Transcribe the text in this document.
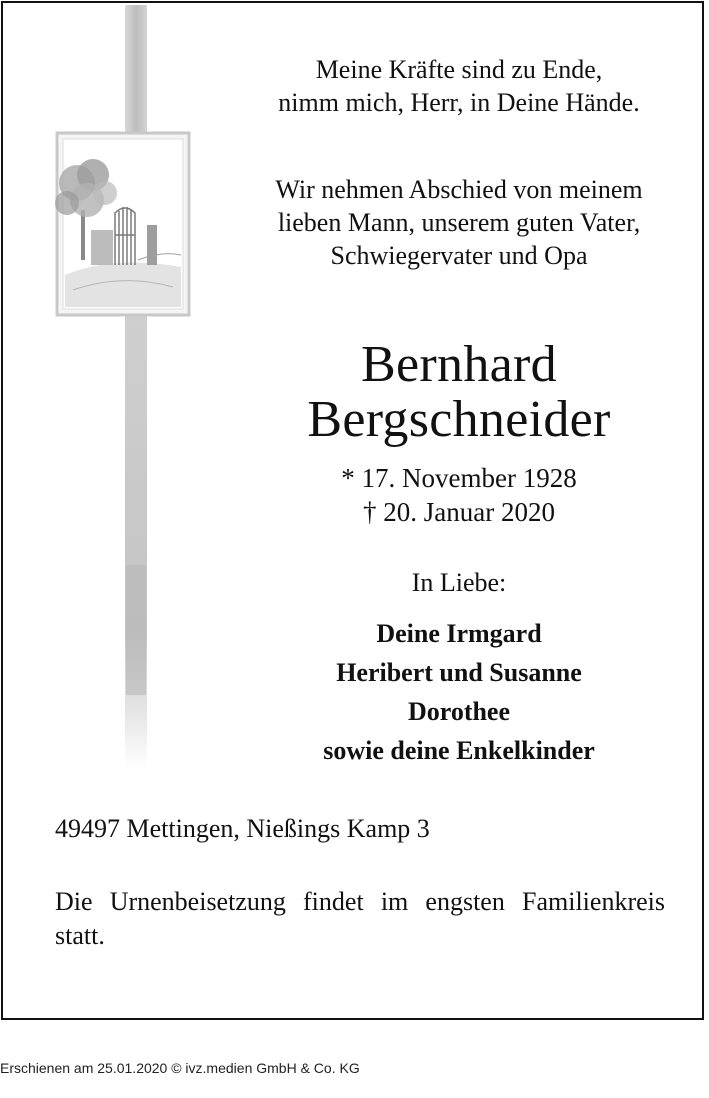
Meine Kräfte sind zu Ende,
nimm mich, Herr, in Deine Hände.
Wir nehmen Abschied von meinem
lieben Mann, unserem guten Vater,
Schwiegervater und Opa
Bernhard
Bergschneider
* 17. November 1928
† 20. Januar 2020
In Liebe:
Deine Irmgard
Heribert und Susanne
Dorothee
sowie deine Enkelkinder
49497 Mettingen, Nießings Kamp 3
Die Urnenbeisetzung findet im engsten Familienkreis statt.
Erschienen am 25.01.2020 © ivz.medien GmbH & Co. KG
